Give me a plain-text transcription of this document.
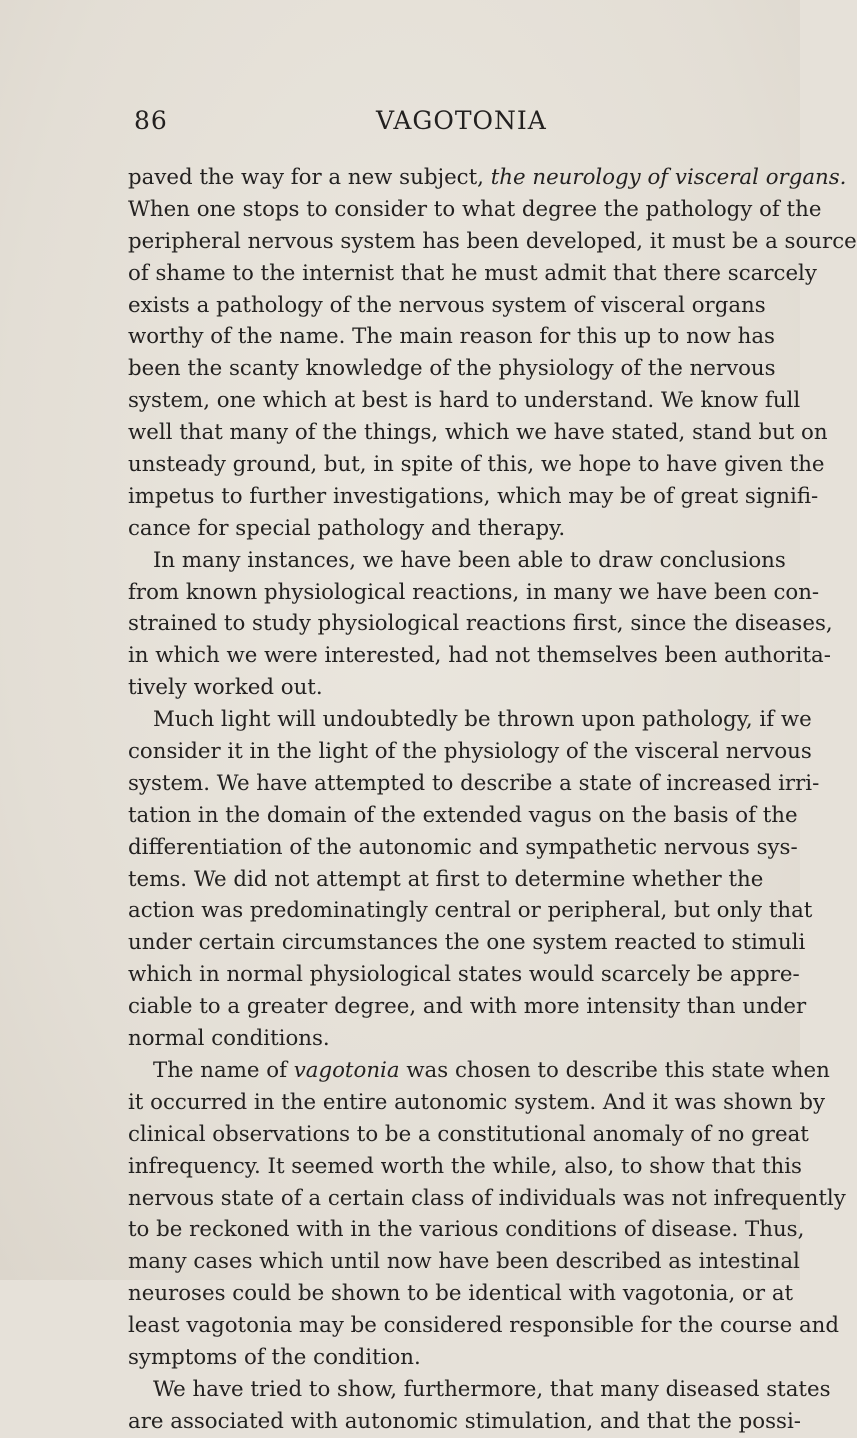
86	VAGOTONIA
paved the way for a new subject, the neurology of visceral organs.
When one stops to consider to what degree the pathology of the
peripheral nervous system has been developed, it must be a source
of shame to the internist that he must admit that there scarcely
exists a pathology of the nervous system of visceral organs
worthy of the name. The main reason for this up to now has
been the scanty knowledge of the physiology of the nervous
system, one which at best is hard to understand. We know full
well that many of the things, which we have stated, stand but on
unsteady ground, but, in spite of this, we hope to have given the
impetus to further investigations, which may be of great signifi-
cance for special pathology and therapy.
In many instances, we have been able to draw conclusions
from known physiological reactions, in many we have been con-
strained to study physiological reactions first, since the diseases,
in which we were interested, had not themselves been authorita-
tively worked out.
Much light will undoubtedly be thrown upon pathology, if we
consider it in the light of the physiology of the visceral nervous
system. We have attempted to describe a state of increased irri-
tation in the domain of the extended vagus on the basis of the
differentiation of the autonomic and sympathetic nervous sys-
tems. We did not attempt at first to determine whether the
action was predominatingly central or peripheral, but only that
under certain circumstances the one system reacted to stimuli
which in normal physiological states would scarcely be appre-
ciable to a greater degree, and with more intensity than under
normal conditions.
The name of vagotonia was chosen to describe this state when
it occurred in the entire autonomic system. And it was shown by
clinical observations to be a constitutional anomaly of no great
infrequency. It seemed worth the while, also, to show that this
nervous state of a certain class of individuals was not infrequently
to be reckoned with in the various conditions of disease. Thus,
many cases which until now have been described as intestinal
neuroses could be shown to be identical with vagotonia, or at
least vagotonia may be considered responsible for the course and
symptoms of the condition.
We have tried to show, furthermore, that many diseased states
are associated with autonomic stimulation, and that the possi-
